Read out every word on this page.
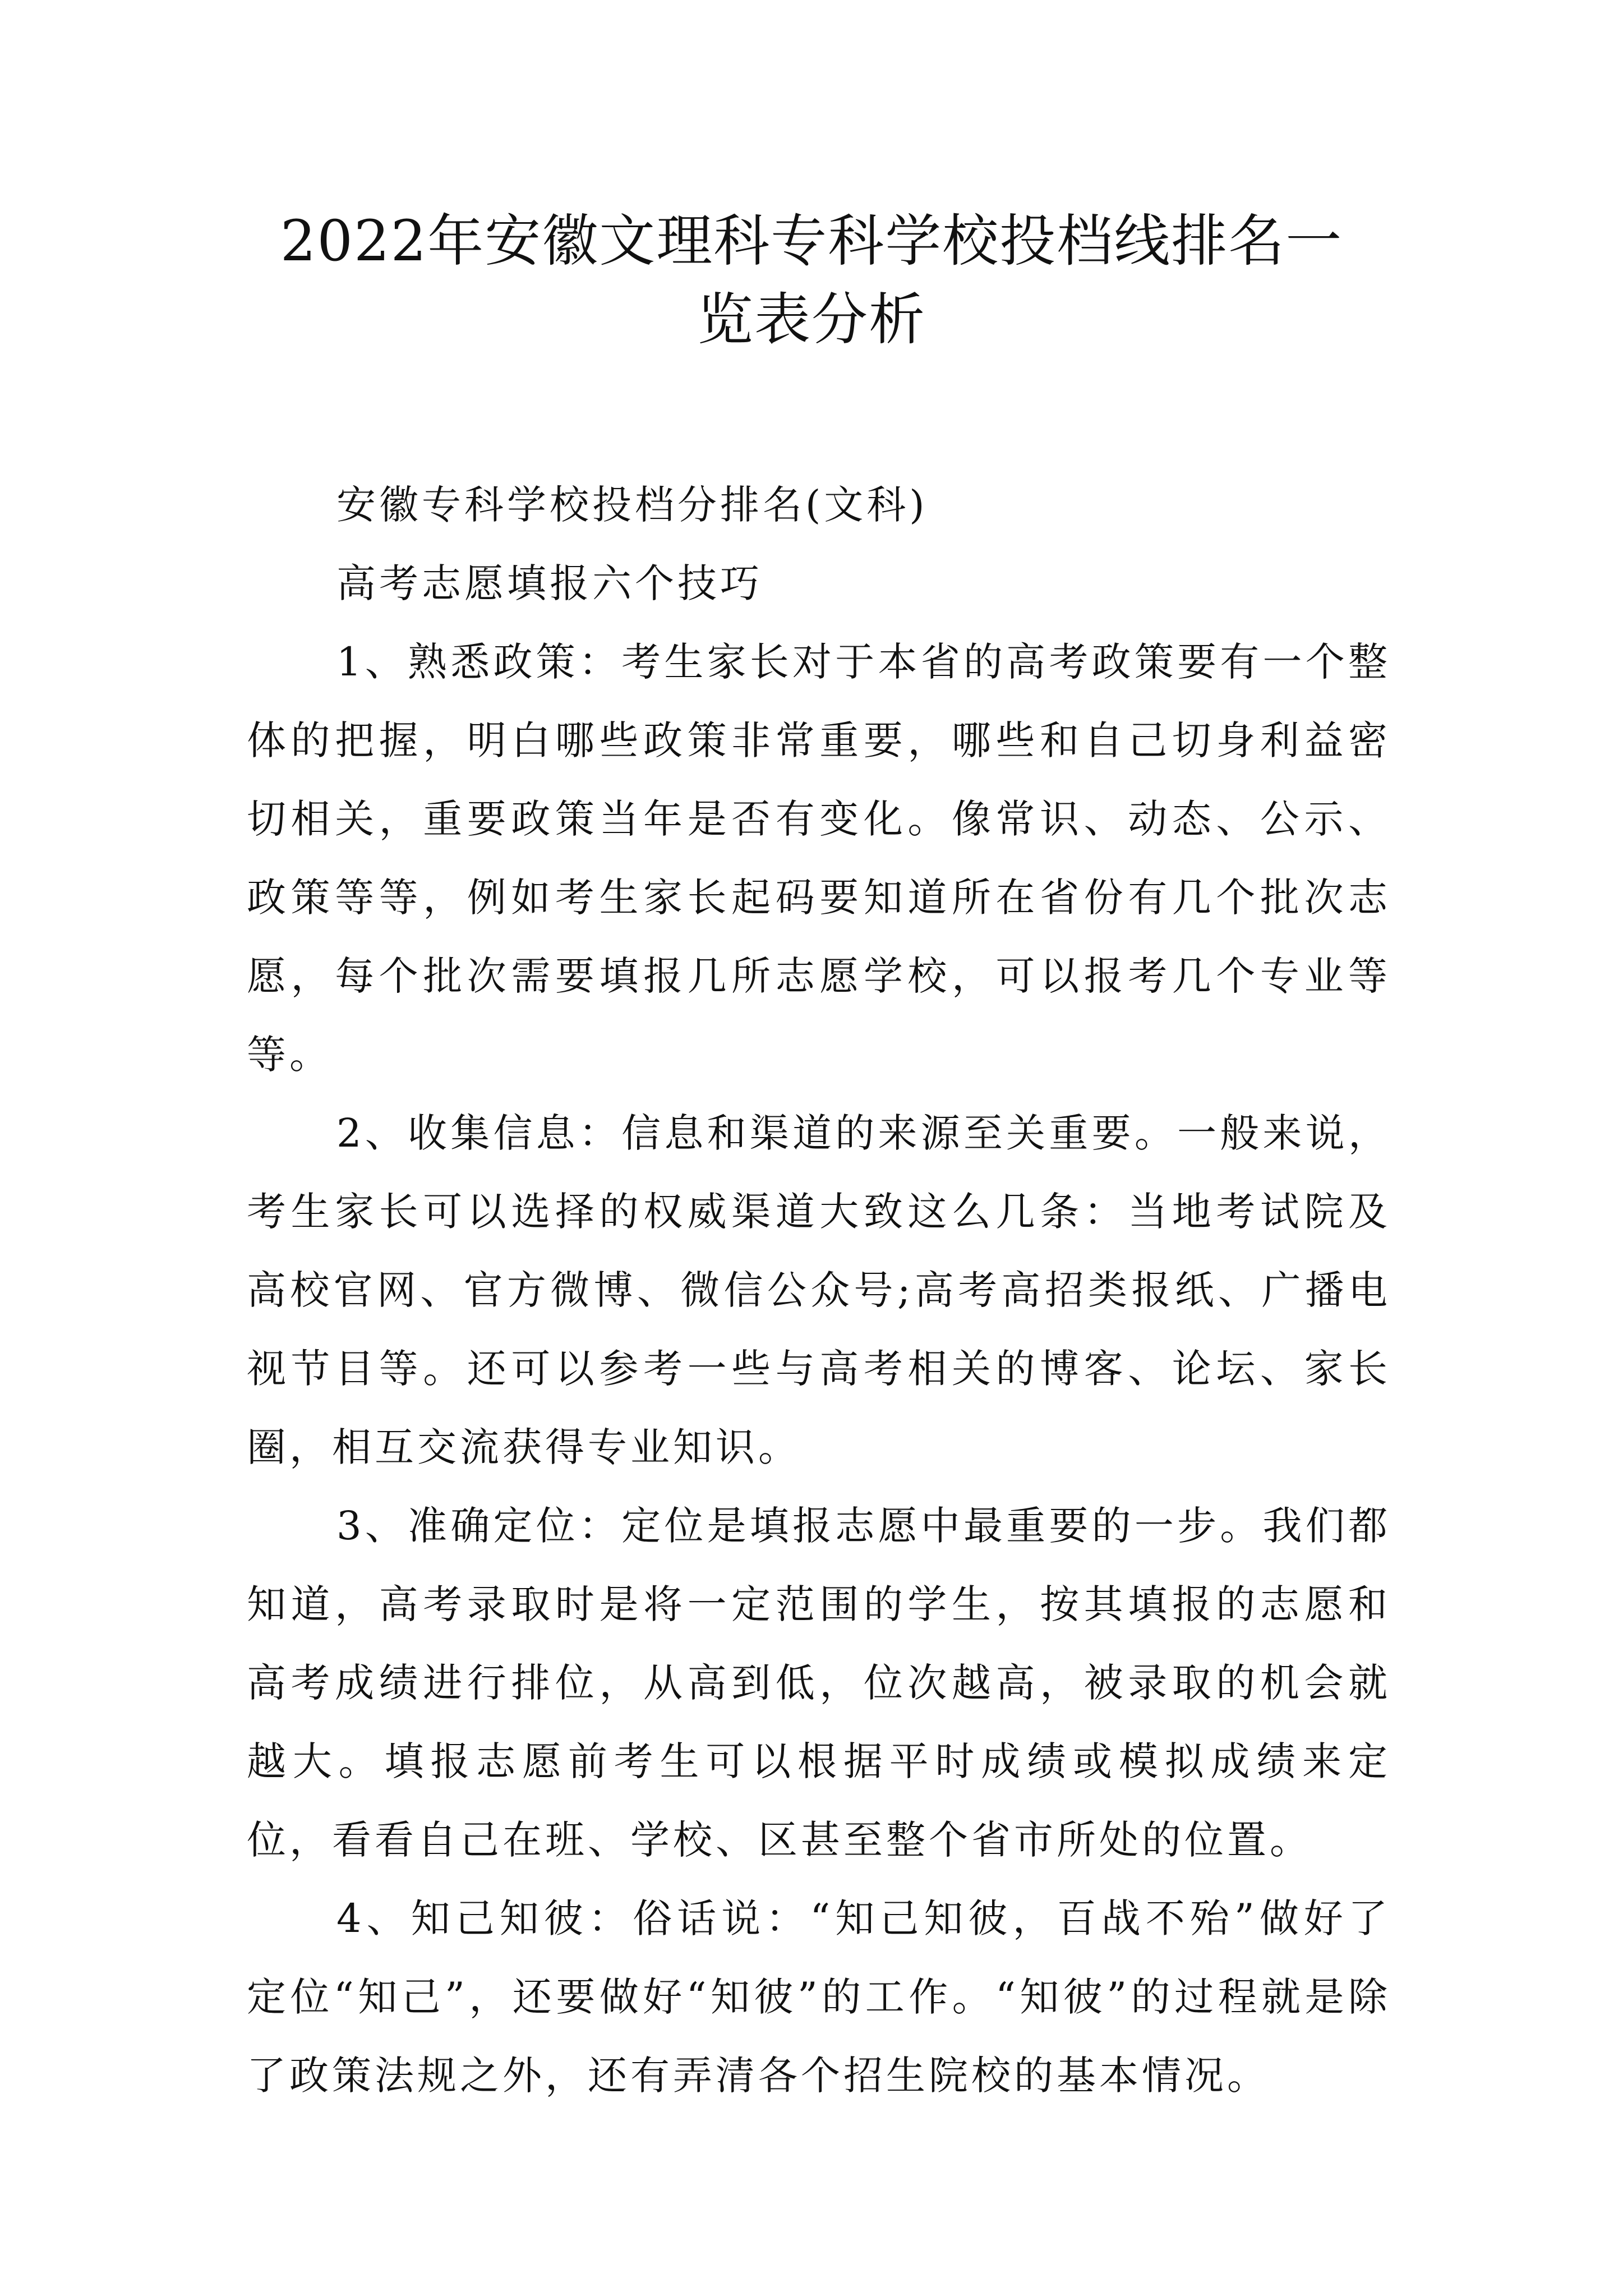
2022年安徽文理科专科学校投档线排名一
览表分析

安徽专科学校投档分排名(文科)

高考志愿填报六个技巧

1、熟悉政策：考生家长对于本省的高考政策要有一个整体的把握，明白哪些政策非常重要，哪些和自己切身利益密切相关，重要政策当年是否有变化。像常识、动态、公示、政策等等，例如考生家长起码要知道所在省份有几个批次志愿，每个批次需要填报几所志愿学校，可以报考几个专业等等。

2、收集信息：信息和渠道的来源至关重要。一般来说，考生家长可以选择的权威渠道大致这么几条：当地考试院及高校官网、官方微博、微信公众号;高考高招类报纸、广播电视节目等。还可以参考一些与高考相关的博客、论坛、家长圈，相互交流获得专业知识。

3、准确定位：定位是填报志愿中最重要的一步。我们都知道，高考录取时是将一定范围的学生，按其填报的志愿和高考成绩进行排位，从高到低，位次越高，被录取的机会就越大。填报志愿前考生可以根据平时成绩或模拟成绩来定位，看看自己在班、学校、区甚至整个省市所处的位置。

4、知己知彼：俗话说：“知己知彼，百战不殆”做好了定位“知己”，还要做好“知彼”的工作。“知彼”的过程就是除了政策法规之外，还有弄清各个招生院校的基本情况。
